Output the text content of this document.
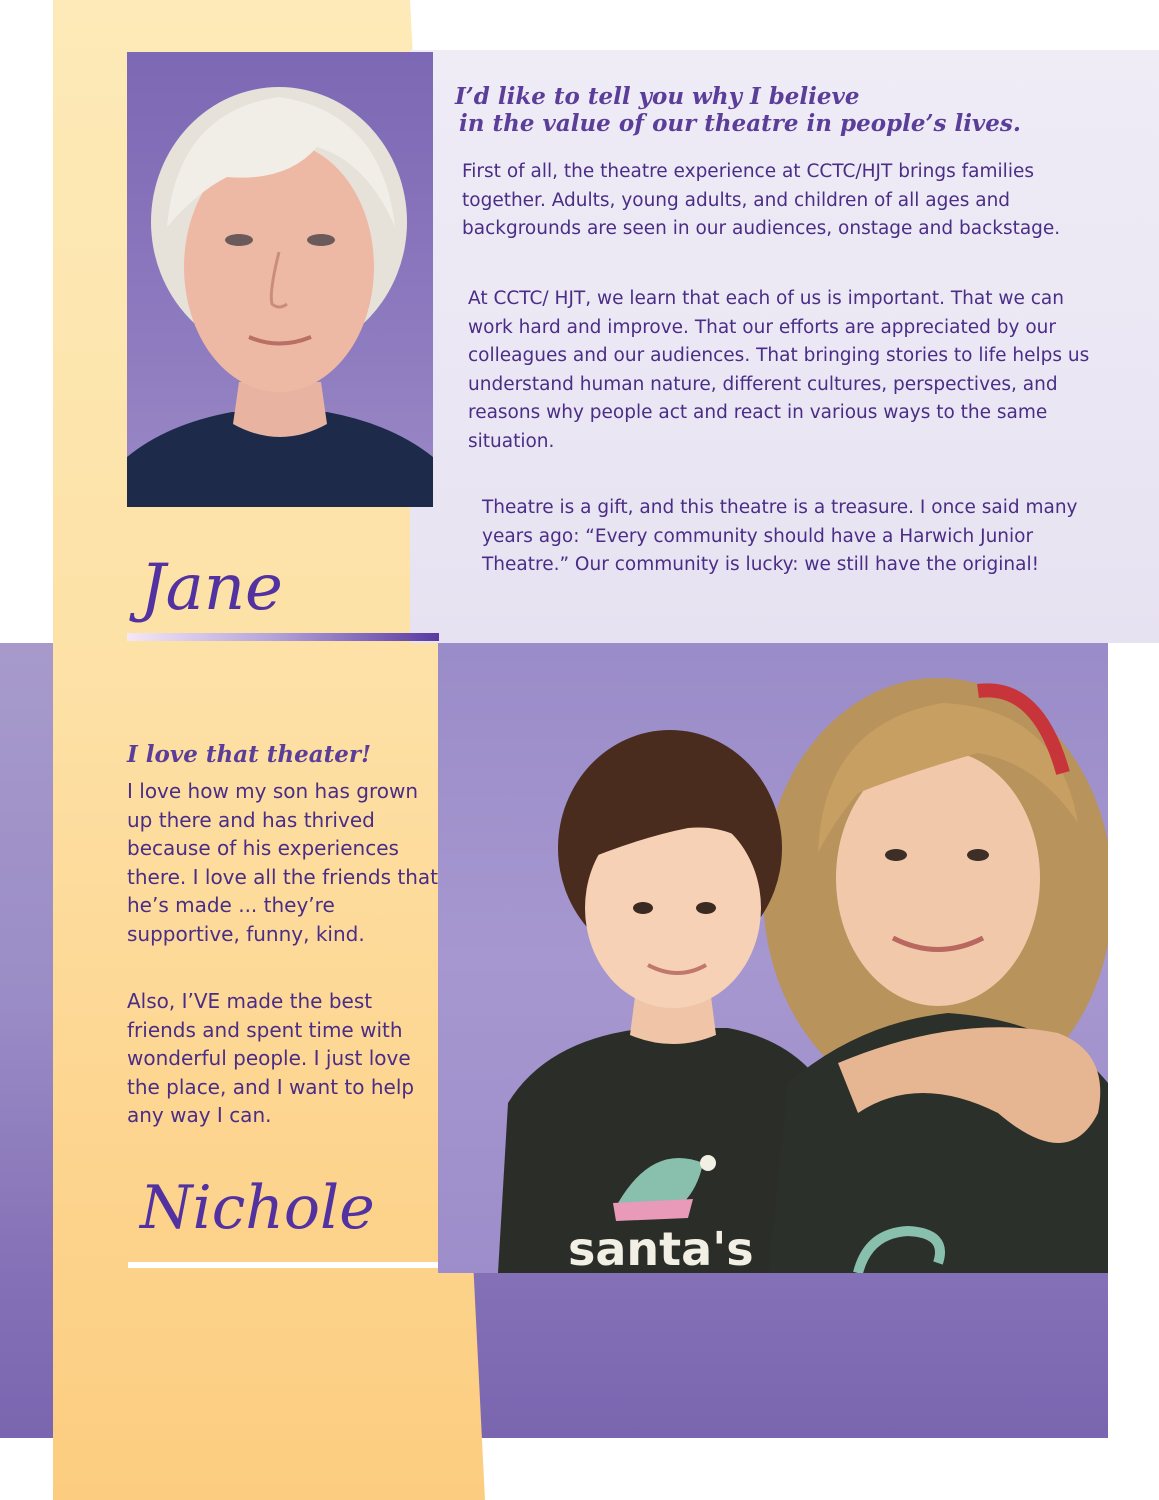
I’d like to tell you why I believe
in the value of our theatre in people’s lives.

First of all, the theatre experience at CCTC/HJT brings families together. Adults, young adults, and children of all ages and backgrounds are seen in our audiences, onstage and backstage.

At CCTC/ HJT, we learn that each of us is important. That we can work hard and improve. That our efforts are appreciated by our colleagues and our audiences. That bringing stories to life helps us understand human nature, different cultures, perspectives, and reasons why people act and react in various ways to the same situation.

Theatre is a gift, and this theatre is a treasure. I once said many years ago: “Every community should have a Harwich Junior Theatre.” Our community is lucky: we still have the original!

Jane
I love that theater!

I love how my son has grown up there and has thrived because of his experiences there. I love all the friends that he’s made ... they’re supportive, funny, kind.

Also, I’VE made the best friends and spent time with wonderful people. I just love the place, and I want to help any way I can.

Nichole
santa's
